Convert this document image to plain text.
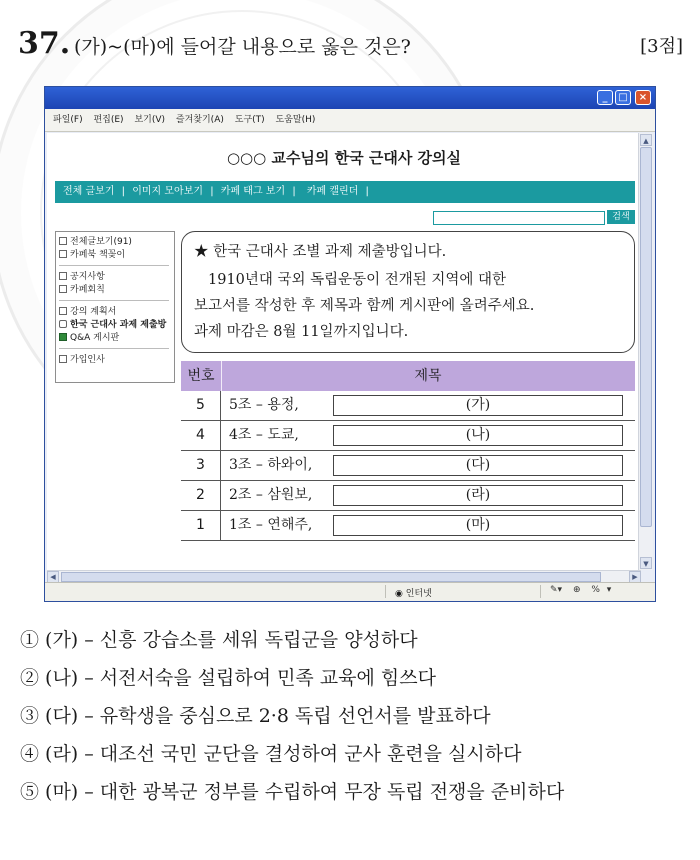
37. (가)~(마)에 들어갈 내용으로 옳은 것은?	[3점]
_	□	×
파일(F) 편집(E) 보기(V) 즐겨찾기(A) 도구(T) 도움말(H)
○○○ 교수님의 한국 근대사 강의실
전체 글보기 | 이미지 모아보기 | 카페 태그 보기 | 카페 캘린더 |
검색
전체글보기(91)
카페북 책꽂이
공지사항
카페회칙
강의 계획서
한국 근대사 과제 제출방
Q&A 게시판
가입인사
★ 한국 근대사 조별 과제 제출방입니다.
1910년대 국외 독립운동이 전개된 지역에 대한
보고서를 작성한 후 제목과 함께 게시판에 올려주세요.
과제 마감은 8월 11일까지입니다.
번호	제목
5	5조 – 용정,	(가)
4	4조 – 도쿄,	(나)
3	3조 – 하와이,	(다)
2	2조 – 삼원보,	(라)
1	1조 – 연해주,	(마)
▲
▼
◀	▶
◉ 인터넷	✎▾ ⊕ % ▾
① (가) – 신흥 강습소를 세워 독립군을 양성하다
② (나) – 서전서숙을 설립하여 민족 교육에 힘쓰다
③ (다) – 유학생을 중심으로 2·8 독립 선언서를 발표하다
④ (라) – 대조선 국민 군단을 결성하여 군사 훈련을 실시하다
⑤ (마) – 대한 광복군 정부를 수립하여 무장 독립 전쟁을 준비하다
